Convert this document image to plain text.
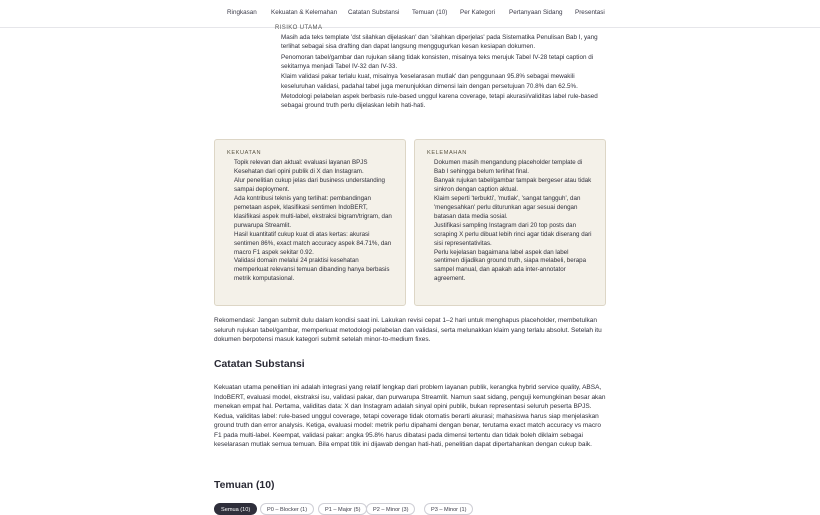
Ringkasan Kekuatan & Kelemahan Catatan Substansi Temuan (10) Per Kategori Pertanyaan Sidang Presentasi
RISIKO UTAMA
Masih ada teks template 'dst silahkan dijelaskan' dan 'silahkan diperjelas' pada Sistematika Penulisan Bab I, yang terlihat sebagai sisa drafting dan dapat langsung menggugurkan kesan kesiapan dokumen.
Penomoran tabel/gambar dan rujukan silang tidak konsisten, misalnya teks merujuk Tabel IV-28 tetapi caption di sekitarnya menjadi Tabel IV-32 dan IV-33.
Klaim validasi pakar terlalu kuat, misalnya 'keselarasan mutlak' dan penggunaan 95.8% sebagai mewakili keseluruhan validasi, padahal tabel juga menunjukkan dimensi lain dengan persetujuan 70.8% dan 62.5%.
Metodologi pelabelan aspek berbasis rule-based unggul karena coverage, tetapi akurasi/validitas label rule-based sebagai ground truth perlu dijelaskan lebih hati-hati.
KEKUATAN
Topik relevan dan aktual: evaluasi layanan BPJS Kesehatan dari opini publik di X dan Instagram.
Alur penelitian cukup jelas dari business understanding sampai deployment.
Ada kontribusi teknis yang terlihat: pembandingan pemetaan aspek, klasifikasi sentimen IndoBERT, klasifikasi aspek multi-label, ekstraksi bigram/trigram, dan purwarupa Streamlit.
Hasil kuantitatif cukup kuat di atas kertas: akurasi sentimen 86%, exact match accuracy aspek 84.71%, dan macro F1 aspek sekitar 0.92.
Validasi domain melalui 24 praktisi kesehatan memperkuat relevansi temuan dibanding hanya berbasis metrik komputasional.
KELEMAHAN
Dokumen masih mengandung placeholder template di Bab I sehingga belum terlihat final.
Banyak rujukan tabel/gambar tampak bergeser atau tidak sinkron dengan caption aktual.
Klaim seperti 'terbukti', 'mutlak', 'sangat tangguh', dan 'mengesahkan' perlu diturunkan agar sesuai dengan batasan data media sosial.
Justifikasi sampling Instagram dari 20 top posts dan scraping X perlu dibuat lebih rinci agar tidak diserang dari sisi representativitas.
Perlu kejelasan bagaimana label aspek dan label sentimen dijadikan ground truth, siapa melabeli, berapa sampel manual, dan apakah ada inter-annotator agreement.
Rekomendasi: Jangan submit dulu dalam kondisi saat ini. Lakukan revisi cepat 1–2 hari untuk menghapus placeholder, membetulkan seluruh rujukan tabel/gambar, memperkuat metodologi pelabelan dan validasi, serta melunakkan klaim yang terlalu absolut. Setelah itu dokumen berpotensi masuk kategori submit setelah minor-to-medium fixes.
Catatan Substansi
Kekuatan utama penelitian ini adalah integrasi yang relatif lengkap dari problem layanan publik, kerangka hybrid service quality, ABSA, IndoBERT, evaluasi model, ekstraksi isu, validasi pakar, dan purwarupa Streamlit. Namun saat sidang, penguji kemungkinan besar akan menekan empat hal. Pertama, validitas data: X dan Instagram adalah sinyal opini publik, bukan representasi seluruh peserta BPJS. Kedua, validitas label: rule-based unggul coverage, tetapi coverage tidak otomatis berarti akurasi; mahasiswa harus siap menjelaskan ground truth dan error analysis. Ketiga, evaluasi model: metrik perlu dipahami dengan benar, terutama exact match accuracy vs macro F1 pada multi-label. Keempat, validasi pakar: angka 95.8% harus dibatasi pada dimensi tertentu dan tidak boleh diklaim sebagai keselarasan mutlak semua temuan. Bila empat titik ini dijawab dengan hati-hati, penelitian dapat dipertahankan dengan cukup baik.
Temuan (10)
Semua (10)	P0 – Blocker (1)	P1 – Major (5)	P2 – Minor (3)	P3 – Minor (1)
